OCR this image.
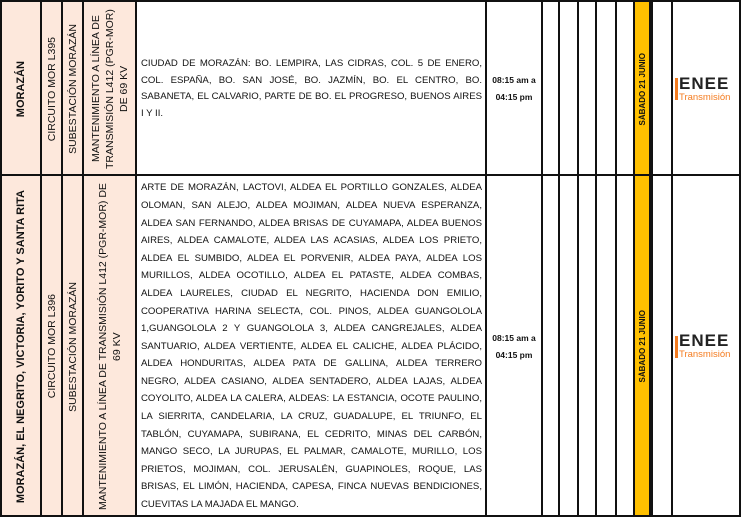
MORAZÁN CIRCUITO MOR L395 SUBESTACIÓN MORAZÁN MANTENIMIENTO A LÍNEA DE TRANSMISIÓN L412 (PGR-MOR) DE 69 KV

CIUDAD DE MORAZÁN: BO. LEMPIRA, LAS CIDRAS, COL. 5 DE ENERO, COL. ESPAÑA, BO. SAN JOSÉ, BO. JAZMÍN, BO. EL CENTRO, BO. SABANETA, EL CALVARIO, PARTE DE BO. EL PROGRESO, BUENOS AIRES I Y II.

08:15 am a
04:15 pm	SÁBADO 21 JUNIO ENEE
Transmisión
MORAZÁN, EL NEGRITO, VICTORIA, YORITO Y SANTA RITA CIRCUITO MOR L396 SUBESTACIÓN MORAZÁN MANTENIMIENTO A LÍNEA DE TRANSMISIÓN L412 (PGR-MOR) DE 69 KV

ARTE DE MORAZÁN, LACTOVI, ALDEA EL PORTILLO GONZALES, ALDEA OLOMAN, SAN ALEJO, ALDEA MOJIMAN, ALDEA NUEVA ESPERANZA, ALDEA SAN FERNANDO, ALDEA BRISAS DE CUYAMAPA, ALDEA BUENOS AIRES, ALDEA CAMALOTE, ALDEA LAS ACASIAS, ALDEA LOS PRIETO, ALDEA EL SUMBIDO, ALDEA EL PORVENIR, ALDEA PAYA, ALDEA LOS MURILLOS, ALDEA OCOTILLO, ALDEA EL PATASTE, ALDEA COMBAS, ALDEA LAURELES, CIUDAD EL NEGRITO, HACIENDA DON EMILIO, COOPERATIVA HARINA SELECTA, COL. PINOS, ALDEA GUANGOLOLA 1,GUANGOLOLA 2 Y GUANGOLOLA 3, ALDEA CANGREJALES, ALDEA SANTUARIO, ALDEA VERTIENTE, ALDEA EL CALICHE, ALDEA PLÁCIDO, ALDEA HONDURITAS, ALDEA PATA DE GALLINA, ALDEA TERRERO NEGRO, ALDEA CASIANO, ALDEA SENTADERO, ALDEA LAJAS, ALDEA COYOLITO, ALDEA LA CALERA, ALDEAS: LA ESTANCIA, OCOTE PAULINO, LA SIERRITA, CANDELARIA, LA CRUZ, GUADALUPE, EL TRIUNFO, EL TABLÓN, CUYAMAPA, SUBIRANA, EL CEDRITO, MINAS DEL CARBÓN, MANGO SECO, LA JURUPAS, EL PALMAR, CAMALOTE, MURILLO, LOS PRIETOS, MOJIMAN, COL. JERUSALÉN, GUAPINOLES, ROQUE, LAS BRISAS, EL LIMÓN, HACIENDA, CAPESA, FINCA NUEVAS BENDICIONES, CUEVITAS LA MAJADA EL MANGO.

08:15 am a
04:15 pm	SÁBADO 21 JUNIO ENEE
Transmisión
